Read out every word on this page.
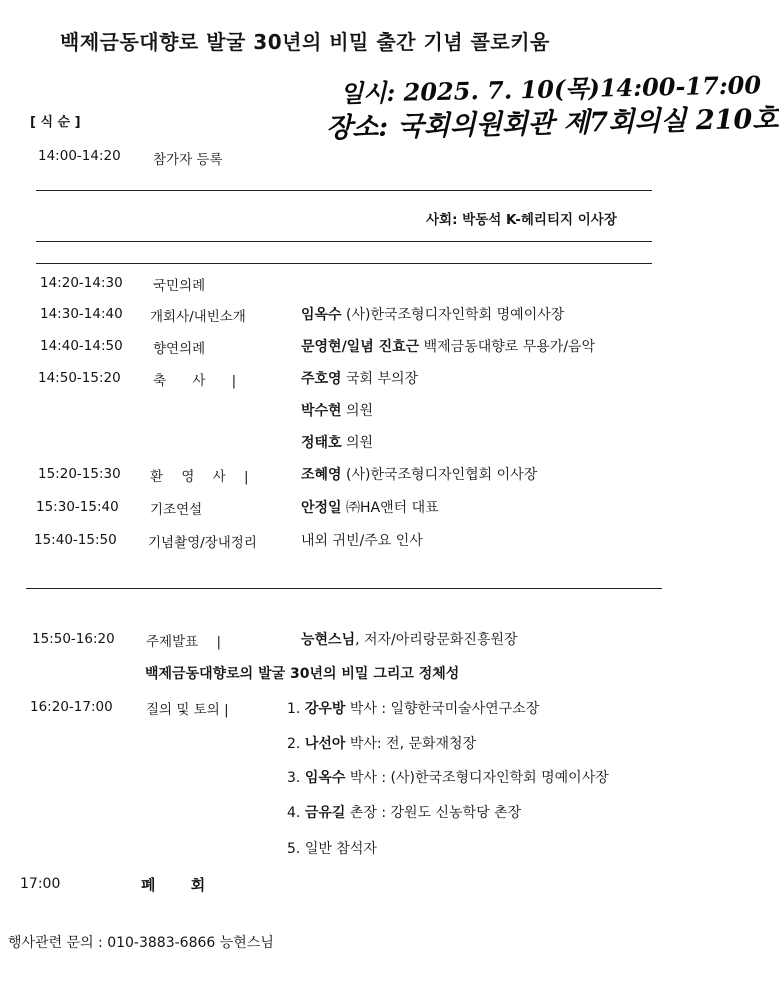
백제금동대향로 발굴 30년의 비밀 출간 기념 콜로키움
일시: 2025. 7. 10(목)14:00-17:00
장소: 국회의원회관 제7회의실 210호
[ 식 순 ]
14:00-14:20 참가자 등록
사회: 박동석 K-헤리티지 이사장
14:20-14:30 국민의례
14:30-14:40 개회사/내빈소개	임옥수 (사)한국조형디자인학회 명예이사장
14:40-14:50 향연의례	문영현/일념 진효근 백제금동대향로 무용가/음악
14:50-15:20 축 사 |	주호영 국회 부의장
박수현 의원
정태호 의원
15:20-15:30 환 영 사 |	조혜영 (사)한국조형디자인협회 이사장
15:30-15:40 기조연설	안정일 ㈜HA앤터 대표
15:40-15:50 기념촬영/장내정리	내외 귀빈/주요 인사
15:50-16:20 주제발표 |	능현스님, 저자/아리랑문화진흥원장
백제금동대향로의 발굴 30년의 비밀 그리고 정체성
16:20-17:00 질의 및 토의 |	1. 강우방 박사 : 일향한국미술사연구소장
2. 나선아 박사: 전, 문화재청장
3. 임옥수 박사 : (사)한국조형디자인학회 명예이사장
4. 금유길 촌장 : 강원도 신농학당 촌장
5. 일반 참석자
17:00	폐 회
행사관련 문의 : 010-3883-6866 능현스님
